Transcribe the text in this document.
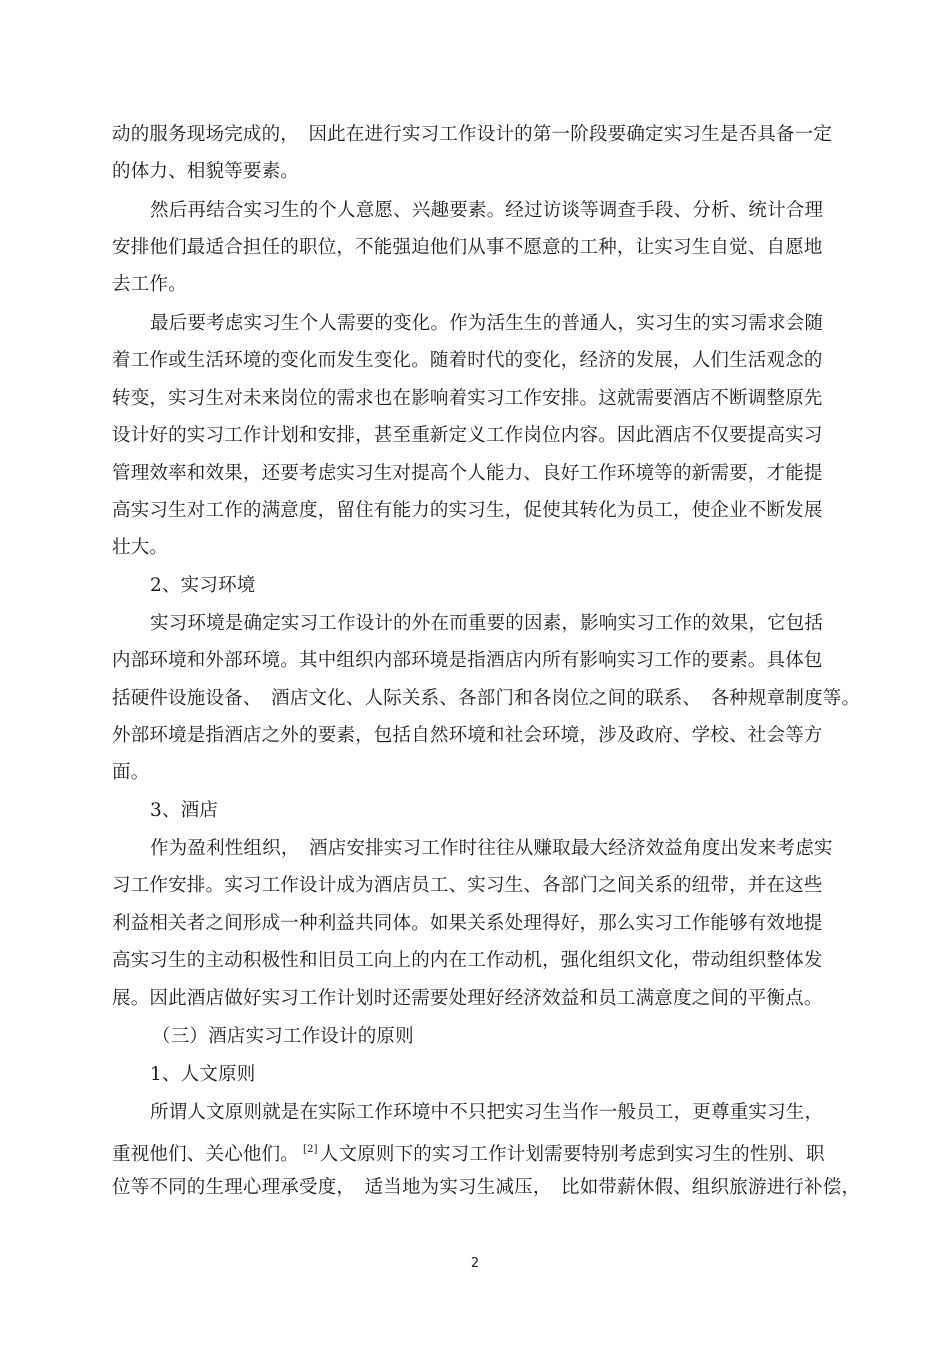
动的服务现场完成的，　因此在进行实习工作设计的第一阶段要确定实习生是否具备一定
的体力、相貌等要素。
然后再结合实习生的个人意愿、兴趣要素。经过访谈等调查手段、分析、统计合理
安排他们最适合担任的职位，不能强迫他们从事不愿意的工种，让实习生自觉、自愿地
去工作。
最后要考虑实习生个人需要的变化。作为活生生的普通人，实习生的实习需求会随
着工作或生活环境的变化而发生变化。随着时代的变化，经济的发展，人们生活观念的
转变，实习生对未来岗位的需求也在影响着实习工作安排。这就需要酒店不断调整原先
设计好的实习工作计划和安排，甚至重新定义工作岗位内容。因此酒店不仅要提高实习
管理效率和效果，还要考虑实习生对提高个人能力、良好工作环境等的新需要，才能提
高实习生对工作的满意度，留住有能力的实习生，促使其转化为员工，使企业不断发展
壮大。
2、实习环境
实习环境是确定实习工作设计的外在而重要的因素，影响实习工作的效果，它包括
内部环境和外部环境。其中组织内部环境是指酒店内所有影响实习工作的要素。具体包
括硬件设施设备、　酒店文化、人际关系、各部门和各岗位之间的联系、　各种规章制度等。
外部环境是指酒店之外的要素，包括自然环境和社会环境，涉及政府、学校、社会等方
面。
3、酒店
作为盈利性组织，　酒店安排实习工作时往往从赚取最大经济效益角度出发来考虑实
习工作安排。实习工作设计成为酒店员工、实习生、各部门之间关系的纽带，并在这些
利益相关者之间形成一种利益共同体。如果关系处理得好，那么实习工作能够有效地提
高实习生的主动积极性和旧员工向上的内在工作动机，强化组织文化，带动组织整体发
展。因此酒店做好实习工作计划时还需要处理好经济效益和员工满意度之间的平衡点。
（三）酒店实习工作设计的原则
1、人文原则
所谓人文原则就是在实际工作环境中不只把实习生当作一般员工，更尊重实习生，
重视他们、关心他们。 [2] 人文原则下的实习工作计划需要特别考虑到实习生的性别、职
位等不同的生理心理承受度，　适当地为实习生减压，　比如带薪休假、组织旅游进行补偿，
2
